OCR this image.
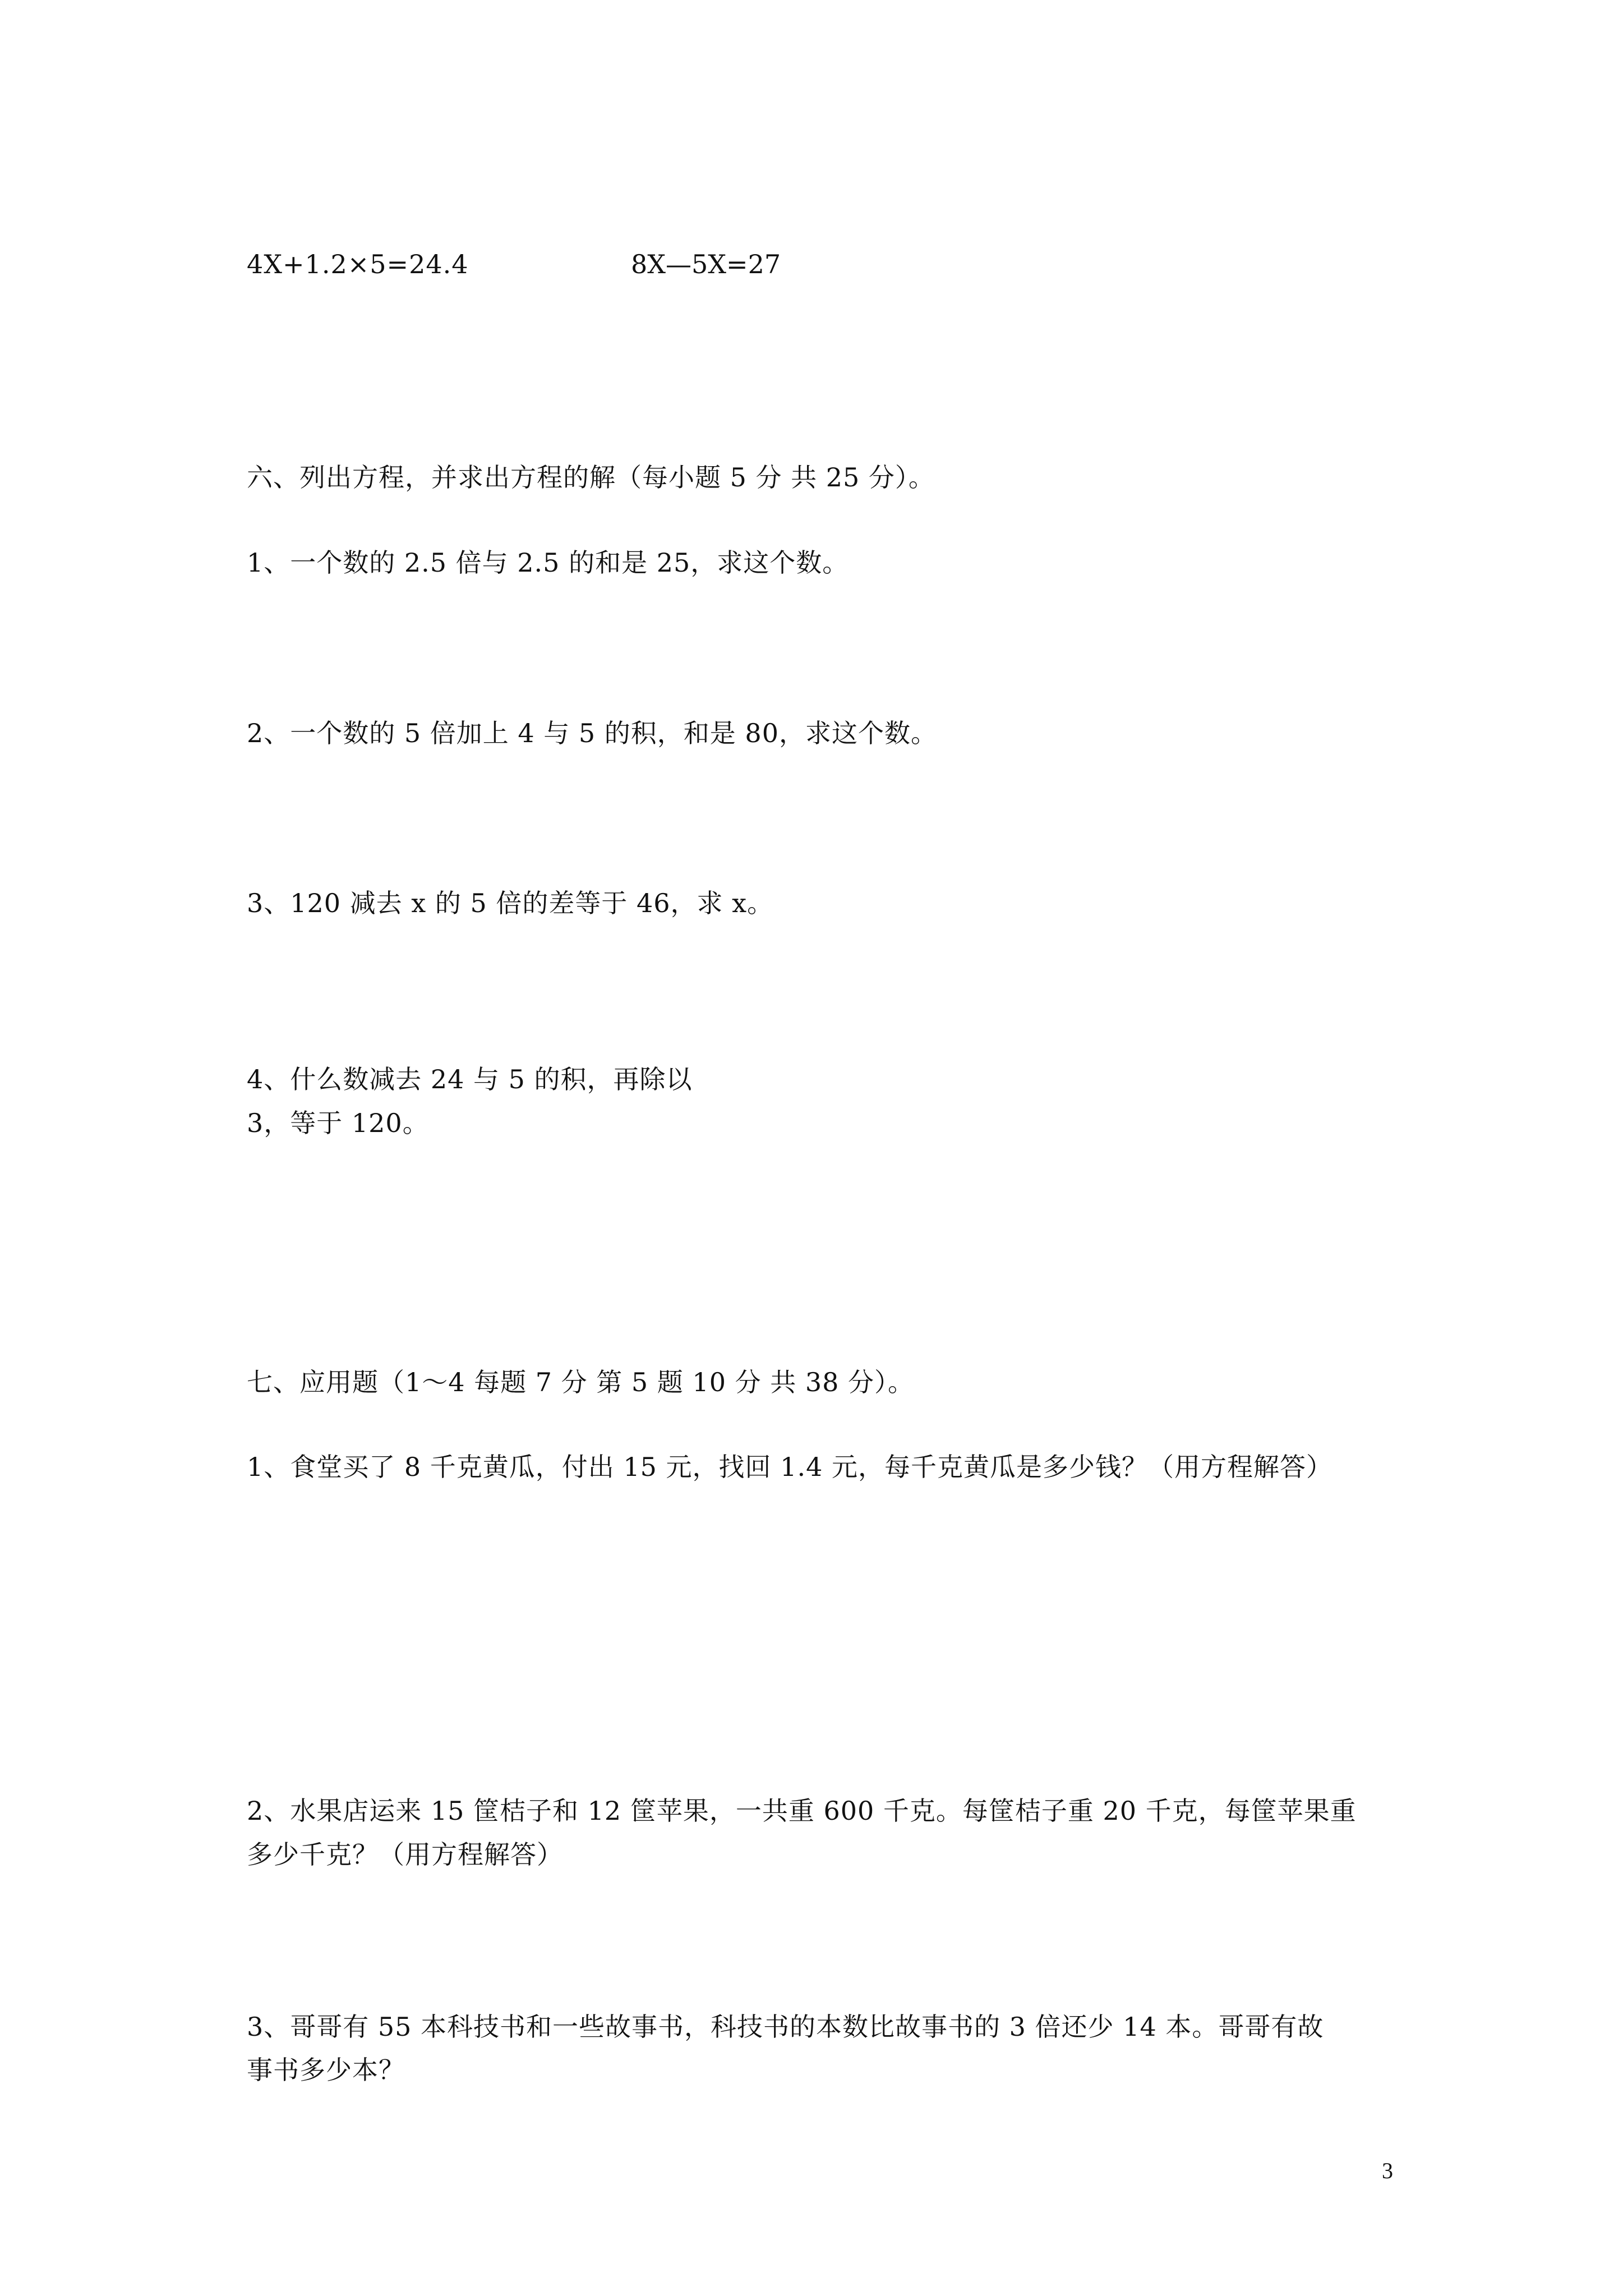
4X+1.2×5=24.4	8X—5X=27
六、列出方程，并求出方程的解（每小题 5 分 共 25 分）。
1、一个数的 2.5 倍与 2.5 的和是 25，求这个数。
2、一个数的 5 倍加上 4 与 5 的积，和是 80，求这个数。
3、120 减去 x 的 5 倍的差等于 46，求 x。
4、什么数减去 24 与 5 的积，再除以
3，等于 120。
七、应用题（1～4 每题 7 分 第 5 题 10 分 共 38 分）。
1、食堂买了 8 千克黄瓜，付出 15 元，找回 1.4 元，每千克黄瓜是多少钱？（用方程解答）
2、水果店运来 15 筐桔子和 12 筐苹果，一共重 600 千克。每筐桔子重 20 千克，每筐苹果重
多少千克？（用方程解答）
3、哥哥有 55 本科技书和一些故事书，科技书的本数比故事书的 3 倍还少 14 本。哥哥有故
事书多少本？
3
